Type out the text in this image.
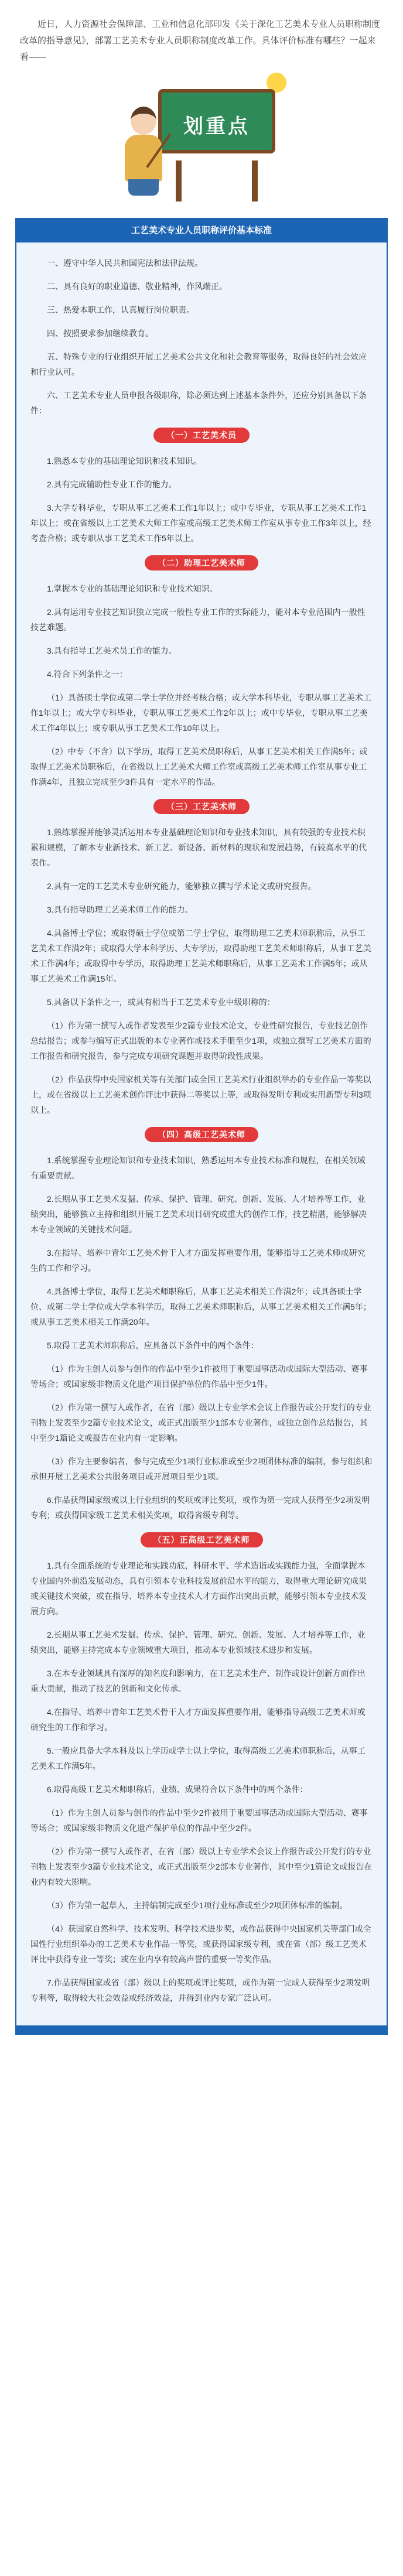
近日，人力资源社会保障部、工业和信息化部印发《关于深化工艺美术专业人员职称制度改革的指导意见》，部署工艺美术专业人员职称制度改革工作。具体评价标准有哪些？一起来看——
划重点
工艺美术专业人员职称评价基本标准

一、遵守中华人民共和国宪法和法律法规。

二、具有良好的职业道德、敬业精神，作风端正。

三、热爱本职工作，认真履行岗位职责。

四、按照要求参加继续教育。

五、特殊专业的行业组织开展工艺美术公共文化和社会教育等服务，取得良好的社会效应和行业认可。

六、工艺美术专业人员申报各级职称，除必须达到上述基本条件外，还应分别具备以下条件：

（一）工艺美术员

1.熟悉本专业的基础理论知识和技术知识。

2.具有完成辅助性专业工作的能力。

3.大学专科毕业，专职从事工艺美术工作1年以上；或中专毕业，专职从事工艺美术工作1年以上；或在省级以上工艺美术大师工作室或高级工艺美术师工作室从事专业工作3年以上，经考查合格；或专职从事工艺美术工作5年以上。

（二）助理工艺美术师

1.掌握本专业的基础理论知识和专业技术知识。

2.具有运用专业技艺知识独立完成一般性专业工作的实际能力，能对本专业范围内一般性技艺难题。

3.具有指导工艺美术员工作的能力。

4.符合下列条件之一：

（1）具备硕士学位或第二学士学位并经考核合格；或大学本科毕业，专职从事工艺美术工作1年以上；或大学专科毕业，专职从事工艺美术工作2年以上；或中专毕业，专职从事工艺美术工作4年以上；或专职从事工艺美术工作10年以上。

（2）中专（不含）以下学历，取得工艺美术员职称后，从事工艺美术相关工作满5年；或取得工艺美术员职称后，在省级以上工艺美术大师工作室或高级工艺美术师工作室从事专业工作满4年，且独立完成至少3件具有一定水平的作品。

（三）工艺美术师

1.熟练掌握并能够灵活运用本专业基础理论知识和专业技术知识，具有较强的专业技术积累和规模，了解本专业新技术、新工艺、新设备、新材料的现状和发展趋势，有较高水平的代表作。

2.具有一定的工艺美术专业研究能力，能够独立撰写学术论文或研究报告。

3.具有指导助理工艺美术师工作的能力。

4.具备博士学位；或取得硕士学位或第二学士学位，取得助理工艺美术师职称后，从事工艺美术工作满2年；或取得大学本科学历、大专学历，取得助理工艺美术师职称后，从事工艺美术工作满4年；或取得中专学历，取得助理工艺美术师职称后，从事工艺美术工作满5年；或从事工艺美术工作满15年。

5.具备以下条件之一，或具有相当于工艺美术专业中级职称的：

（1）作为第一撰写人或作者发表至少2篇专业技术论文，专业性研究报告，专业技艺创作总结报告；或参与编写正式出版的本专业著作或技术手册至少1项，或独立撰写工艺美术方面的工作报告和研究报告，参与完成专项研究课题并取得阶段性成果。

（2）作品获得中央国家机关等有关部门或全国工艺美术行业组织举办的专业作品一等奖以上，或在省级以上工艺美术创作评比中获得二等奖以上等，或取得发明专利或实用新型专利3项以上。

（四）高级工艺美术师

1.系统掌握专业理论知识和专业技术知识，熟悉运用本专业技术标准和规程，在相关领域有重要贡献。

2.长期从事工艺美术发掘、传承、保护、管理、研究、创新、发展、人才培养等工作，业绩突出，能够独立主持和组织开展工艺美术项目研究或重大的创作工作，技艺精湛，能够解决本专业领域的关键技术问题。

3.在指导、培养中青年工艺美术骨干人才方面发挥重要作用，能够指导工艺美术师或研究生的工作和学习。

4.具备博士学位，取得工艺美术师职称后，从事工艺美术相关工作满2年；或具备硕士学位、或第二学士学位或大学本科学历，取得工艺美术师职称后，从事工艺美术相关工作满5年；或从事工艺美术相关工作满20年。

5.取得工艺美术师职称后，应具备以下条件中的两个条件：

（1）作为主创人员参与创作的作品中至少1件被用于重要国事活动或国际大型活动、赛事等场合；或国家级非物质文化遗产项目保护单位的作品中至少1件。

（2）作为第一撰写人或作者，在省（部）级以上专业学术会议上作报告或公开发行的专业刊物上发表至少2篇专业技术论文，或正式出版至少1部本专业著作，或独立创作总结报告，其中至少1篇论文或报告在业内有一定影响。

（3）作为主要参编者，参与完成至少1项行业标准或至少2项团体标准的编制，参与组织和承担开展工艺美术公共服务项目或开展项目至少1项。

6.作品获得国家级或以上行业组织的奖项或评比奖项，或作为第一完成人获得至少2项发明专利；或获得国家级工艺美术相关奖项，取得省级专利等。

（五）正高级工艺美术师

1.具有全面系统的专业理论和实践功底，科研水平、学术造诣或实践能力强，全面掌握本专业国内外前沿发展动态，具有引领本专业科技发展前沿水平的能力，取得重大理论研究成果或关键技术突破，或在指导、培养本专业技术人才方面作出突出贡献，能够引领本专业技术发展方向。

2.长期从事工艺美术发掘、传承、保护、管理、研究、创新、发展、人才培养等工作，业绩突出，能够主持完成本专业领域重大项目，推动本专业领域技术进步和发展。

3.在本专业领域具有深厚的知名度和影响力，在工艺美术生产、制作或设计创新方面作出重大贡献，推动了技艺的创新和文化传承。

4.在指导、培养中青年工艺美术骨干人才方面发挥重要作用，能够指导高级工艺美术师或研究生的工作和学习。

5.一般应具备大学本科及以上学历或学士以上学位，取得高级工艺美术师职称后，从事工艺美术工作满5年。

6.取得高级工艺美术师职称后，业绩、成果符合以下条件中的两个条件：

（1）作为主创人员参与创作的作品中至少2件被用于重要国事活动或国际大型活动、赛事等场合；或国家级非物质文化遗产保护单位的作品中至少2件。

（2）作为第一撰写人或作者，在省（部）级以上专业学术会议上作报告或公开发行的专业刊物上发表至少3篇专业技术论文，或正式出版至少2部本专业著作，其中至少1篇论文或报告在业内有较大影响。

（3）作为第一起草人，主持编制完成至少1项行业标准或至少2项团体标准的编制。

（4）获国家自然科学、技术发明、科学技术进步奖，或作品获得中央国家机关等部门或全国性行业组织举办的工艺美术专业作品一等奖，或获得国家级专利，或在省（部）级工艺美术评比中获得专业一等奖；或在业内享有较高声誉的重要一等奖作品。

7.作品获得国家或省（部）级以上的奖项或评比奖项，或作为第一完成人获得至少2项发明专利等，取得较大社会效益或经济效益，并得到业内专家广泛认可。
